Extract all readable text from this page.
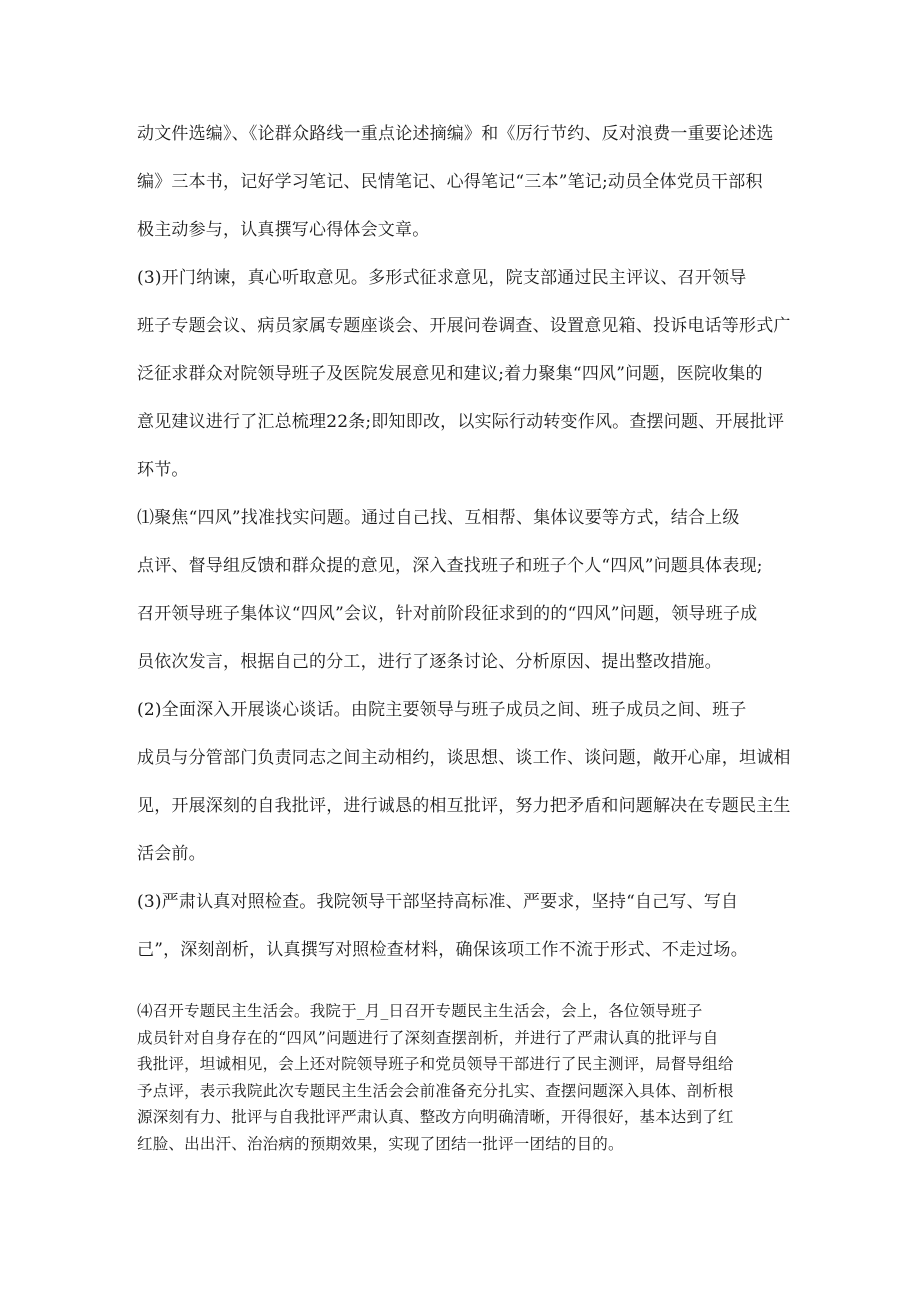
动文件选编》、《论群众路线一重点论述摘编》和《厉行节约、反对浪费一重要论述选
编》三本书，记好学习笔记、民情笔记、心得笔记“三本”笔记;动员全体党员干部积
极主动参与，认真撰写心得体会文章。

(3)开门纳谏，真心听取意见。多形式征求意见，院支部通过民主评议、召开领导
班子专题会议、病员家属专题座谈会、开展问卷调查、设置意见箱、投诉电话等形式广
泛征求群众对院领导班子及医院发展意见和建议;着力聚集“四风”问题，医院收集的
意见建议进行了汇总梳理22条;即知即改，以实际行动转变作风。查摆问题、开展批评
环节。

⑴聚焦“四风”找准找实问题。通过自己找、互相帮、集体议要等方式，结合上级
点评、督导组反馈和群众提的意见，深入查找班子和班子个人“四风”问题具体表现;
召开领导班子集体议“四风”会议，针对前阶段征求到的的“四风”问题，领导班子成
员依次发言，根据自己的分工，进行了逐条讨论、分析原因、提出整改措施。

(2)全面深入开展谈心谈话。由院主要领导与班子成员之间、班子成员之间、班子
成员与分管部门负责同志之间主动相约，谈思想、谈工作、谈问题，敞开心扉，坦诚相
见，开展深刻的自我批评，进行诚恳的相互批评，努力把矛盾和问题解决在专题民主生
活会前。

(3)严肃认真对照检查。我院领导干部坚持高标准、严要求，坚持“自己写、写自
己”，深刻剖析，认真撰写对照检查材料，确保该项工作不流于形式、不走过场。

⑷召开专题民主生活会。我院于_月_日召开专题民主生活会，会上，各位领导班子
成员针对自身存在的“四风”问题进行了深刻查摆剖析，并进行了严肃认真的批评与自
我批评，坦诚相见，会上还对院领导班子和党员领导干部进行了民主测评，局督导组给
予点评，表示我院此次专题民主生活会会前准备充分扎实、查摆问题深入具体、剖析根
源深刻有力、批评与自我批评严肃认真、整改方向明确清晰，开得很好，基本达到了红
红脸、出出汗、治治病的预期效果，实现了团结一批评一团结的目的。
